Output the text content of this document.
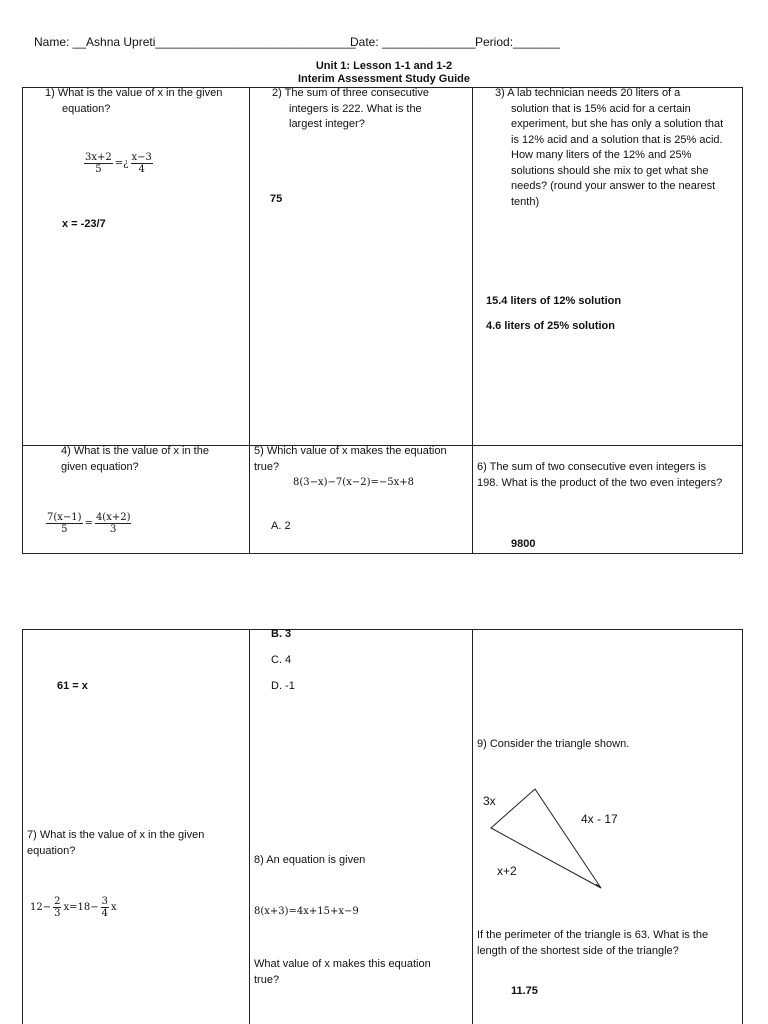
Name: __Ashna Upreti______________________________
Date: ______________ Period:_______
Unit 1: Lesson 1-1 and 1-2
Interim Assessment Study Guide
1) What is the value of x in the given
equation?
$\frac{3x+2}{5}$ =¿ $\frac{x-3}{4}$
x = -23/7
2) The sum of three consecutive
integers is 222. What is the
largest integer?
75
3) A lab technician needs 20 liters of a
solution that is 15% acid for a certain
experiment, but she has only a solution that
is 12% acid and a solution that is 25% acid.
How many liters of the 12% and 25%
solutions should she mix to get what she
needs? (round your answer to the nearest
tenth)
15.4 liters of 12% solution
4.6 liters of 25% solution
4) What is the value of x in the
given equation?
$\frac{7(x-1)}{5} = \frac{4(x+2)}{3}$
5) Which value of x makes the equation
true?
8(3−x)−7(x−2)=−5x+8
A. 2
6) The sum of two consecutive even integers is
198. What is the product of the two even integers?
9800
61 = x
B. 3
C. 4
D. -1
7) What is the value of x in the given
equation?
$12- \frac{2}{3} x=18- \frac{3}{4}$ x
8) An equation is given
8(x+3)=4x+15+x−9
What value of x makes this equation
true?
9) Consider the triangle shown.
3x
4x - 17
x+2
If the perimeter of the triangle is 63. What is the
length of the shortest side of the triangle?
11.75
